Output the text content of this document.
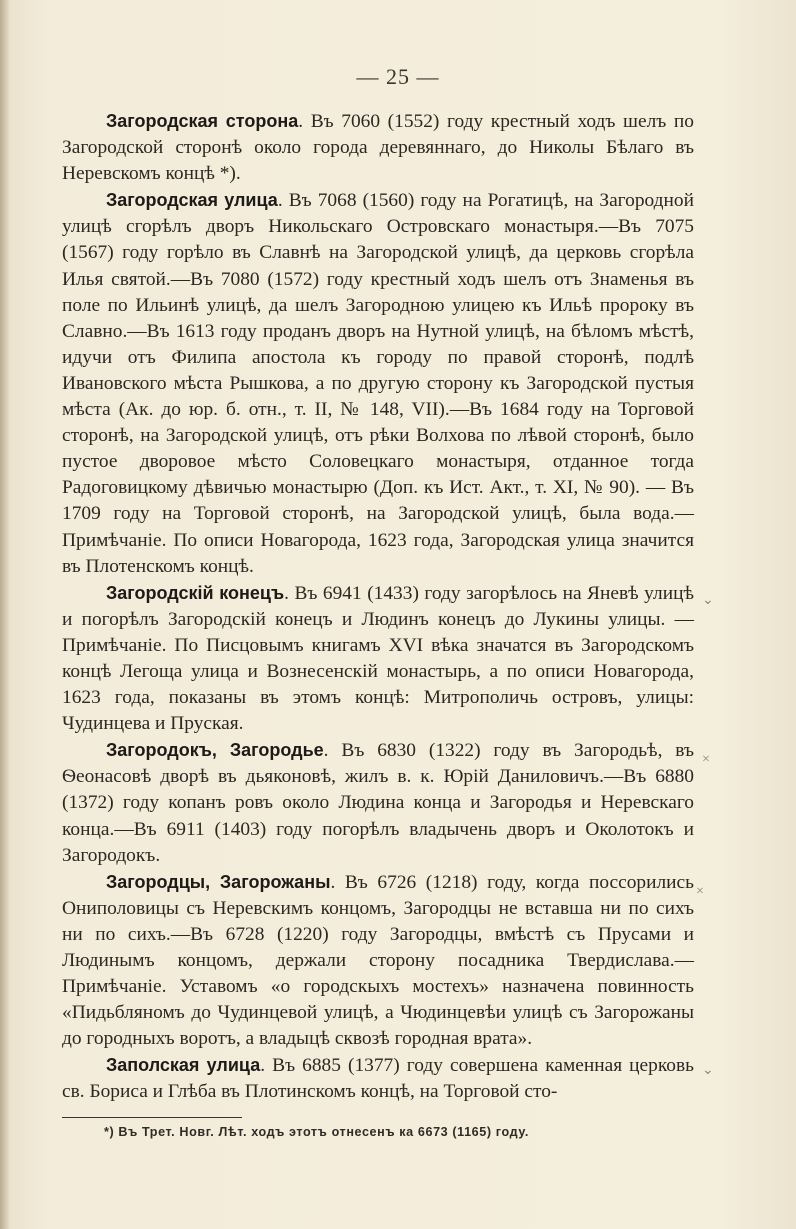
— 25 —

Загородская сторона. Въ 7060 (1552) году крестный ходъ шелъ по Загородской сторонѣ около города деревяннаго, до Николы Бѣлаго въ Неревскомъ концѣ *).

Загородская улица. Въ 7068 (1560) году на Рогатицѣ, на Загородной улицѣ сгорѣлъ дворъ Никольскаго Островскаго монастыря.—Въ 7075 (1567) году горѣло въ Славнѣ на Загородской улицѣ, да церковь сгорѣла Илья святой.—Въ 7080 (1572) году крестный ходъ шелъ отъ Знаменья въ поле по Ильинѣ улицѣ, да шелъ Загородною улицею къ Ильѣ пророку въ Славно.—Въ 1613 году проданъ дворъ на Нутной улицѣ, на бѣломъ мѣстѣ, идучи отъ Филипа апостола къ городу по правой сторонѣ, подлѣ Ивановского мѣста Рышкова, а по другую сторону къ Загородской пустыя мѣста (Ак. до юр. б. отн., т. II, № 148, VII).—Въ 1684 году на Торговой сторонѣ, на Загородской улицѣ, отъ рѣки Волхова по лѣвой сторонѣ, было пустое дворовое мѣсто Соловецкаго монастыря, отданное тогда Радоговицкому дѣвичью монастырю (Доп. къ Ист. Акт., т. XI, № 90). — Въ 1709 году на Торговой сторонѣ, на Загородской улицѣ, была вода.—Примѣчаніе. По описи Новагорода, 1623 года, Загородская улица значится въ Плотенскомъ концѣ.

Загородскій конецъ. Въ 6941 (1433) году загорѣлось на Яневѣ улицѣ и погорѣлъ Загородскій конецъ и Людинъ конецъ до Лукины улицы. — Примѣчаніе. По Писцовымъ книгамъ XVI вѣка значатся въ Загородскомъ концѣ Легоща улица и Вознесенскій монастырь, а по описи Новагорода, 1623 года, показаны въ этомъ концѣ: Митрополичь островъ, улицы: Чудинцева и Пруская.

Загородокъ, Загородье. Въ 6830 (1322) году въ Загородьѣ, въ Ѳеонасовѣ дворѣ въ дьяконовѣ, жилъ в. к. Юрій Даниловичъ.—Въ 6880 (1372) году копанъ ровъ около Людина конца и Загородья и Неревскаго конца.—Въ 6911 (1403) году погорѣлъ владычень дворъ и Околотокъ и Загородокъ.

Загородцы, Загорожаны. Въ 6726 (1218) году, когда поссорились Ониполовицы съ Неревскимъ концомъ, Загородцы не вставша ни по сихъ ни по сихъ.—Въ 6728 (1220) году Загородцы, вмѣстѣ съ Прусами и Людинымъ концомъ, держали сторону посадника Твердислава.—Примѣчаніе. Уставомъ «о городскыхъ мостехъ» назначена повинность «Пидьбляномъ до Чудинцевой улицѣ, а Чюдинцевѣи улицѣ съ Загорожаны до городныхъ воротъ, а владыцѣ сквозѣ городная врата».

Заполская улица. Въ 6885 (1377) году совершена каменная церковь св. Бориса и Глѣба въ Плотинскомъ концѣ, на Торговой сто-

⌄
×
×
⌄
*) Въ Трет. Новг. Лѣт. ходъ этотъ отнесенъ ка 6673 (1165) году.
